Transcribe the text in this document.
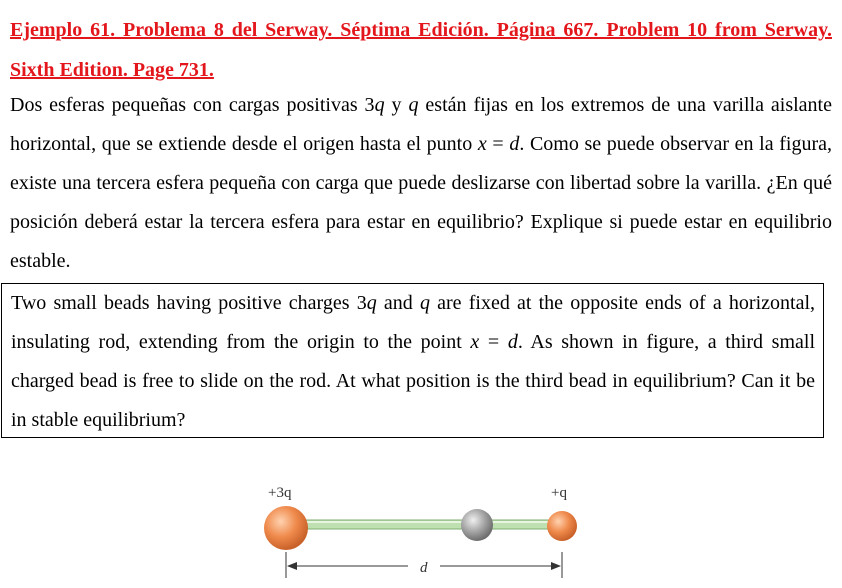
Ejemplo 61. Problema 8 del Serway. Séptima Edición. Página 667. Problem 10 from Serway. Sixth Edition. Page 731.
Dos esferas pequeñas con cargas positivas 3q y q están fijas en los extremos de una varilla aislante horizontal, que se extiende desde el origen hasta el punto x = d. Como se puede observar en la figura, existe una tercera esfera pequeña con carga que puede deslizarse con libertad sobre la varilla. ¿En qué posición deberá estar la tercera esfera para estar en equilibrio? Explique si puede estar en equilibrio estable.
Two small beads having positive charges 3q and q are fixed at the opposite ends of a horizontal, insulating rod, extending from the origin to the point x = d. As shown in figure, a third small charged bead is free to slide on the rod. At what position is the third bead in equilibrium? Can it be in stable equilibrium?
+3q	+q
d
